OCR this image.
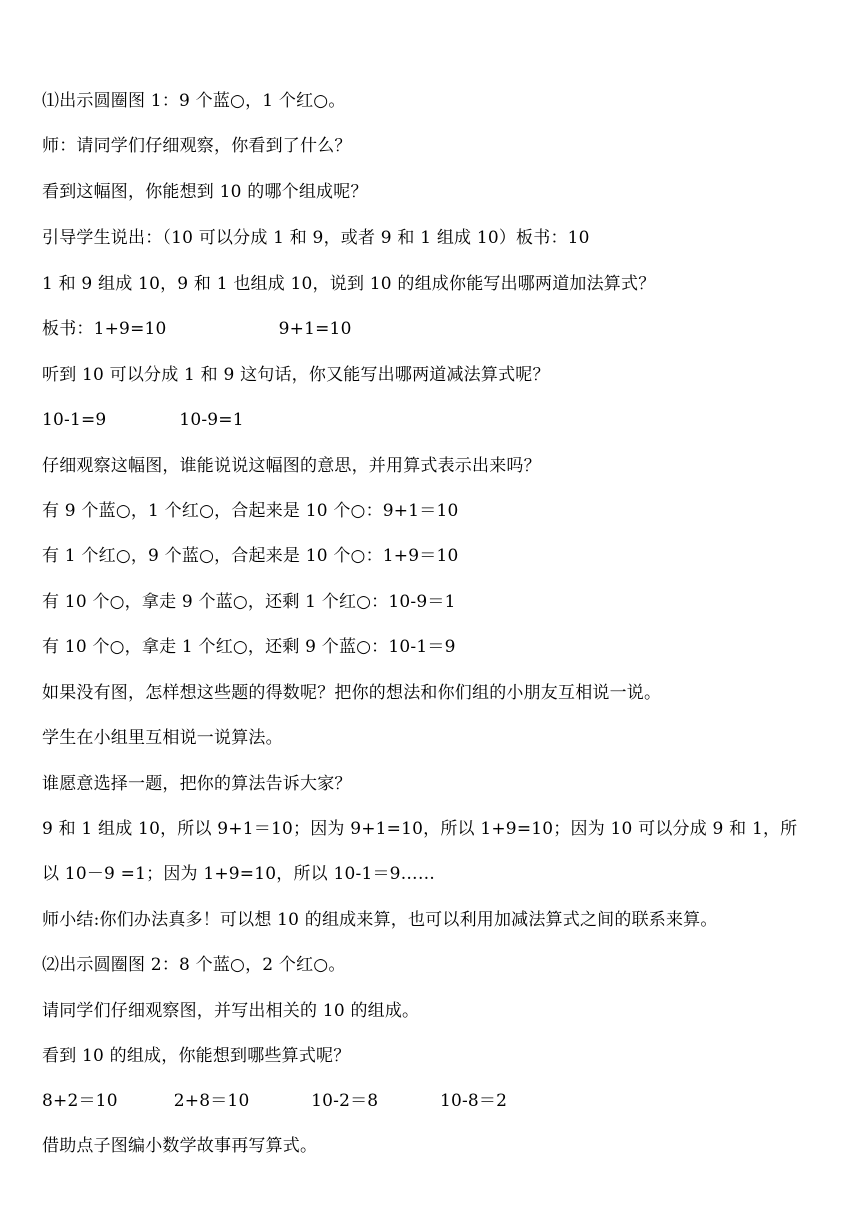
⑴出示圆圈图 1：9 个蓝○，1 个红○。
师：请同学们仔细观察，你看到了什么？
看到这幅图，你能想到 10 的哪个组成呢？
引导学生说出：（10 可以分成 1 和 9，或者 9 和 1 组成 10）板书：10
1 和 9 组成 10，9 和 1 也组成 10，说到 10 的组成你能写出哪两道加法算式？
板书：1+9=10                    9+1=10
听到 10 可以分成 1 和 9 这句话，你又能写出哪两道减法算式呢？
10-1=9             10-9=1
仔细观察这幅图，谁能说说这幅图的意思，并用算式表示出来吗？
有 9 个蓝○，1 个红○，合起来是 10 个○：9+1＝10
有 1 个红○，9 个蓝○，合起来是 10 个○：1+9＝10
有 10 个○，拿走 9 个蓝○，还剩 1 个红○：10-9＝1
有 10 个○，拿走 1 个红○，还剩 9 个蓝○：10-1＝9
如果没有图，怎样想这些题的得数呢？把你的想法和你们组的小朋友互相说一说。
学生在小组里互相说一说算法。
谁愿意选择一题，把你的算法告诉大家？
9 和 1 组成 10，所以 9+1＝10；因为 9+1=10，所以 1+9=10；因为 10 可以分成 9 和 1，所
以 10－9 =1；因为 1+9=10，所以 10-1＝9……
师小结:你们办法真多！可以想 10 的组成来算，也可以利用加减法算式之间的联系来算。
⑵出示圆圈图 2：8 个蓝○，2 个红○。
请同学们仔细观察图，并写出相关的 10 的组成。
看到 10 的组成，你能想到哪些算式呢？
8+2＝10          2+8＝10           10-2＝8           10-8＝2
借助点子图编小数学故事再写算式。
